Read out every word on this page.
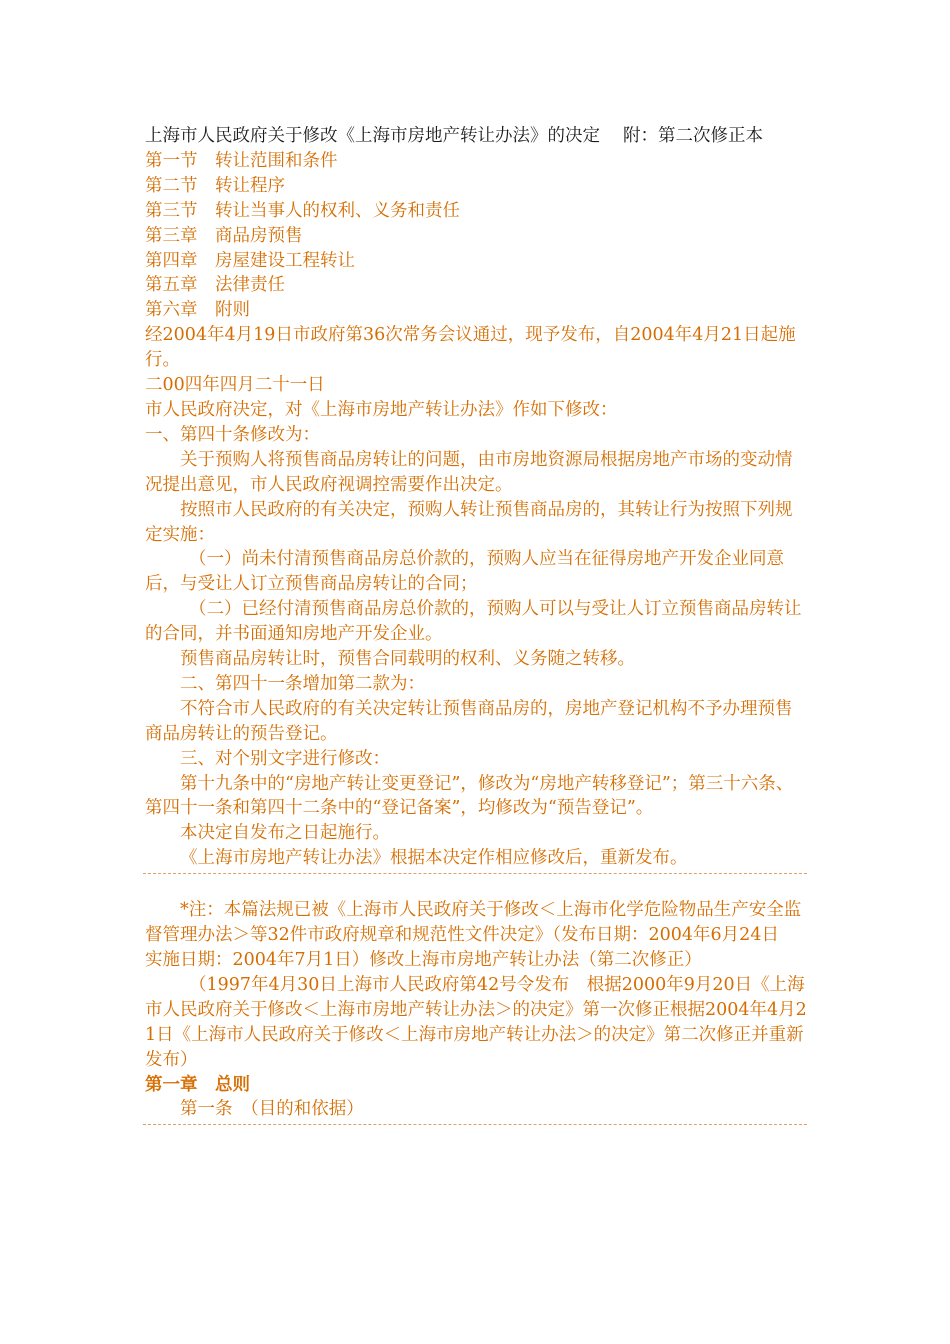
上海市人民政府关于修改《上海市房地产转让办法》的决定　 附：第二次修正本

第一节　转让范围和条件

第二节　转让程序

第三节　转让当事人的权利、义务和责任

第三章　商品房预售

第四章　房屋建设工程转让

第五章　法律责任

第六章　附则

经2004年4月19日市政府第36次常务会议通过，现予发布，自2004年4月21日起施行。

二00四年四月二十一日

市人民政府决定，对《上海市房地产转让办法》作如下修改：

一、第四十条修改为：

关于预购人将预售商品房转让的问题，由市房地资源局根据房地产市场的变动情况提出意见，市人民政府视调控需要作出决定。

按照市人民政府的有关决定，预购人转让预售商品房的，其转让行为按照下列规定实施：

（一）尚未付清预售商品房总价款的，预购人应当在征得房地产开发企业同意后，与受让人订立预售商品房转让的合同；

（二）已经付清预售商品房总价款的，预购人可以与受让人订立预售商品房转让的合同，并书面通知房地产开发企业。

预售商品房转让时，预售合同载明的权利、义务随之转移。

二、第四十一条增加第二款为：

不符合市人民政府的有关决定转让预售商品房的，房地产登记机构不予办理预售商品房转让的预告登记。

三、对个别文字进行修改：

第十九条中的“房地产转让变更登记”，修改为“房地产转移登记”；第三十六条、第四十一条和第四十二条中的“登记备案”，均修改为“预告登记”。

本决定自发布之日起施行。

《上海市房地产转让办法》根据本决定作相应修改后，重新发布。

*注：本篇法规已被《上海市人民政府关于修改＜上海市化学危险物品生产安全监督管理办法＞等32件市政府规章和规范性文件决定》（发布日期：2004年6月24日　实施日期：2004年7月1日）修改上海市房地产转让办法（第二次修正）

（1997年4月30日上海市人民政府第42号令发布　根据2000年9月20日《上海市人民政府关于修改＜上海市房地产转让办法＞的决定》第一次修正根据2004年4月21日《上海市人民政府关于修改＜上海市房地产转让办法＞的决定》第二次修正并重新发布）

第一章　总则

第一条　（目的和依据）
